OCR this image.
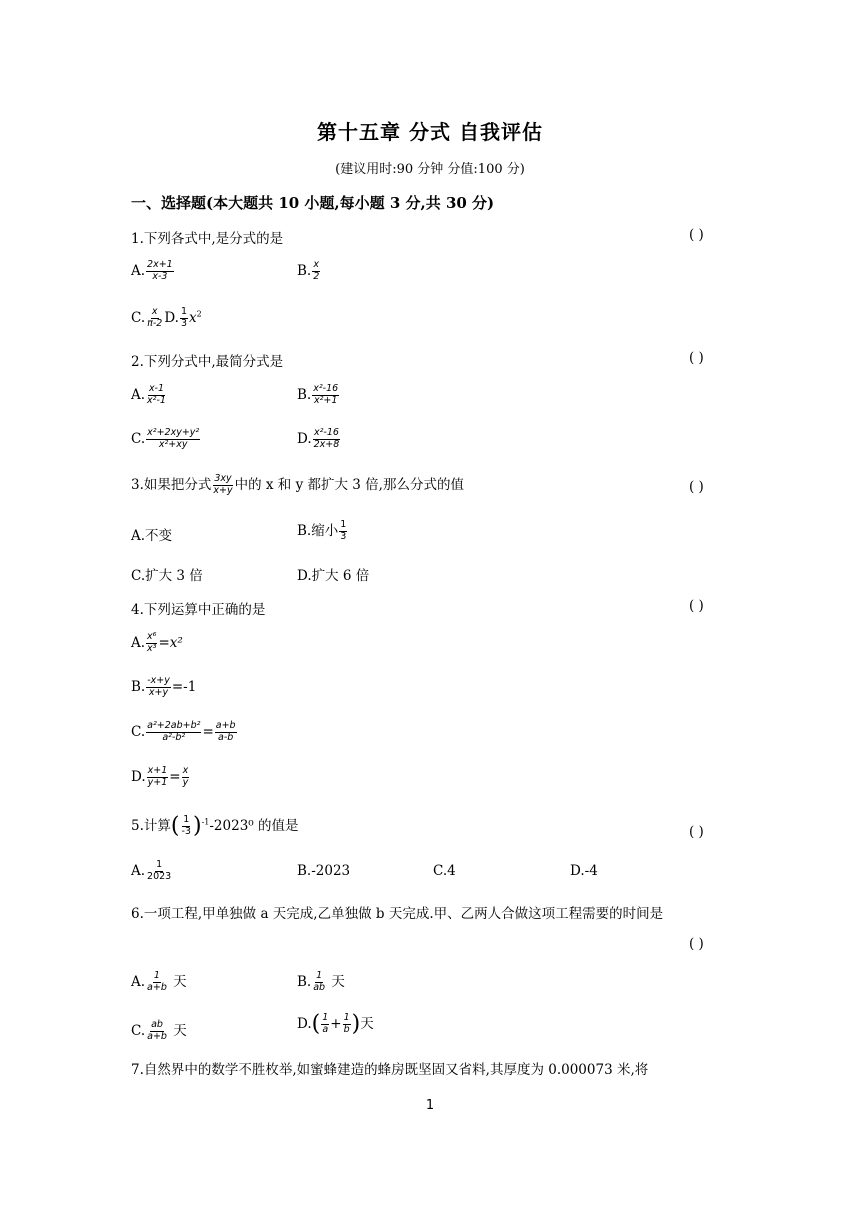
第十五章 分式 自我评估
(建议用时:90 分钟 分值:100 分)
一、选择题(本大题共 10 小题,每小题 3 分,共 30 分)
1.下列各式中,是分式的是	( )
A. $\frac{2x+1}{x-3}$	B. $\frac{x}{2}$
C. $\frac{x}{\pi-2} D$. $\frac{1}{3} x^2$
2.下列分式中,最简分式是	( )
A. $\frac{x-1}{\text{x²-1}}$	B. $\frac{\text{x²-16}}{\text{x²+1}}$
C. $\frac{\text{x²+2xy+y²}}{\text{x²+xy}}$	D. $\frac{\text{x²-16}}{2x+8}$
3.如果把分式 $\frac{3xy}{x+y}$ 中的 x 和 y 都扩大 3 倍,那么分式的值	( )
A.不变	B.缩小 $\frac{1}{3}$
C.扩大 3 倍	D.扩大 6 倍
4.下列运算中正确的是	( )
A. $\frac{\text{x⁶}}{\text{x³}} =x^2$
B. $\frac{-x+y}{x+y} =-1$
C. $\frac{\text{a²+2ab+b²}}{\text{a²-b²}} = \frac{a+b}{a-b}$
D. $\frac{x+1}{y+1} = \frac{x}{y}$
5.计算( $\frac{1}{-3} )^{-1}-2023^0$ 的值是	( )
A. $\frac{1}{2023}$	B.-2023	C.4	D.-4
6.一项工程,甲单独做 a 天完成,乙单独做 b 天完成.甲、乙两人合做这项工程需要的时间是
( )
A. $\frac{1}{a+b}$ 天	B. $\frac{1}{ab}$ 天
C. $\frac{ab}{a+b}$ 天	$D.( \frac{1}{a} + \frac{1}{b}$ )天
7.自然界中的数学不胜枚举,如蜜蜂建造的蜂房既坚固又省料,其厚度为 0.000073 米,将
1
